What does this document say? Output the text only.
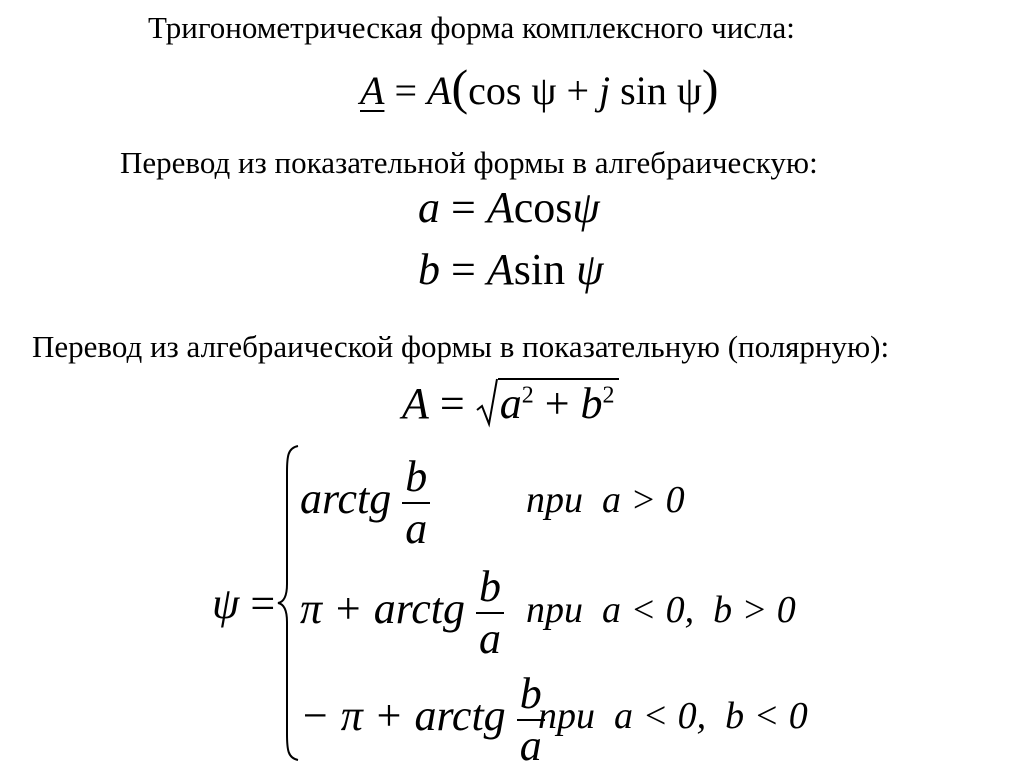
Тригонометрическая форма комплексного числа:
A = A(cos ψ + j sin ψ)
Перевод из показательной формы в алгебраическую:
a = Acosψ
b = Asin ψ
Перевод из алгебраической формы в показательную (полярную):
$A = a^2 + b^2$
ψ =
arctg $\frac{b}{a}$	при a > 0
π + arctg $\frac{b}{a}$ при a < 0,  b > 0
− π + arctg $\frac{b}{a}$
при a < 0,  b < 0
